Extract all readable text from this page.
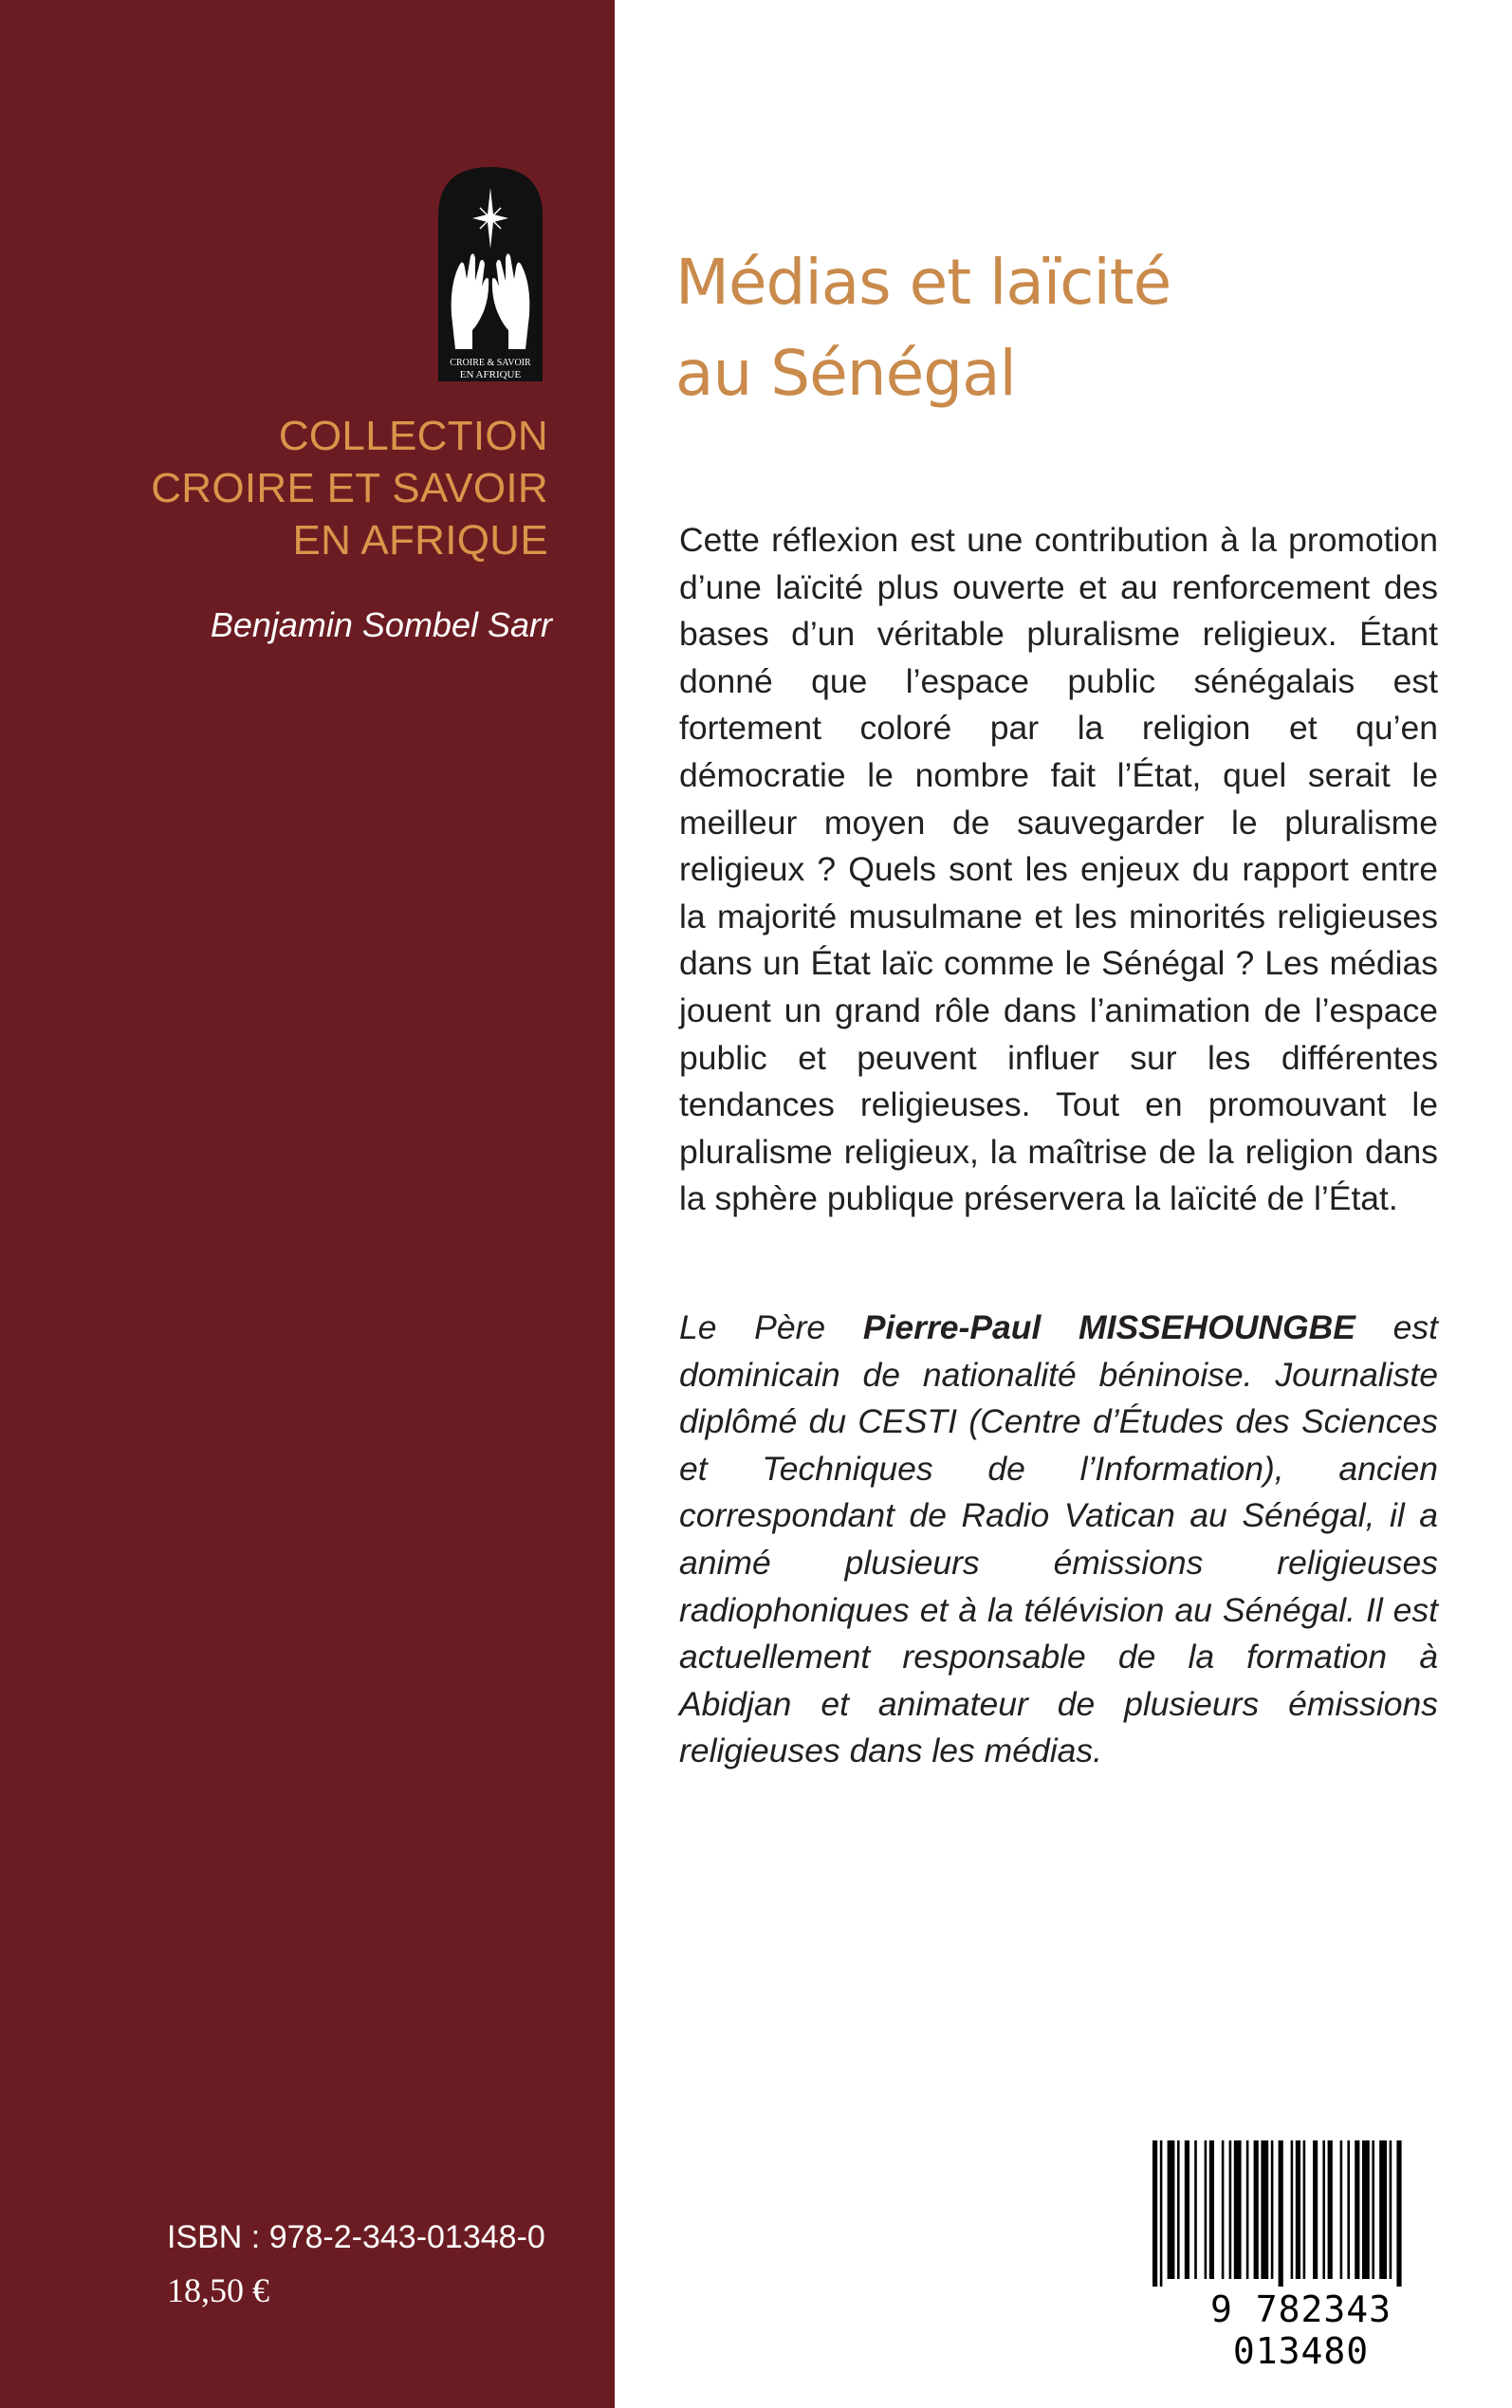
CROIRE & SAVOIR
EN AFRIQUE
COLLECTION
CROIRE ET SAVOIR
EN AFRIQUE
Benjamin Sombel Sarr
ISBN : 978-2-343-01348-0
18,50 €
Médias et laïcité
au Sénégal

Cette réflexion est une contribution à la promotion d’une laïcité plus ouverte et au renforcement des bases d’un véritable pluralisme religieux. Étant donné que l’espace public sénégalais est fortement coloré par la religion et qu’en démocratie le nombre fait l’État, quel serait le meilleur moyen de sauvegarder le pluralisme religieux ? Quels sont les enjeux du rapport entre la majorité musulmane et les minorités religieuses dans un État laïc comme le Sénégal ? Les médias jouent un grand rôle dans l’animation de l’espace public et peuvent influer sur les différentes tendances religieuses. Tout en promouvant le pluralisme religieux, la maîtrise de la religion dans la sphère publique préservera la laïcité de l’État.

Le Père Pierre-Paul MISSEHOUNGBE est dominicain de nationalité béninoise. Journaliste diplômé du CESTI (Centre d’Études des Sciences et Techniques de l’Information), ancien correspondant de Radio Vatican au Sénégal, il a animé plusieurs émissions religieuses radiophoniques et à la télévision au Sénégal. Il est actuellement responsable de la formation à Abidjan et animateur de plusieurs émissions religieuses dans les médias.

9 782343 013480
